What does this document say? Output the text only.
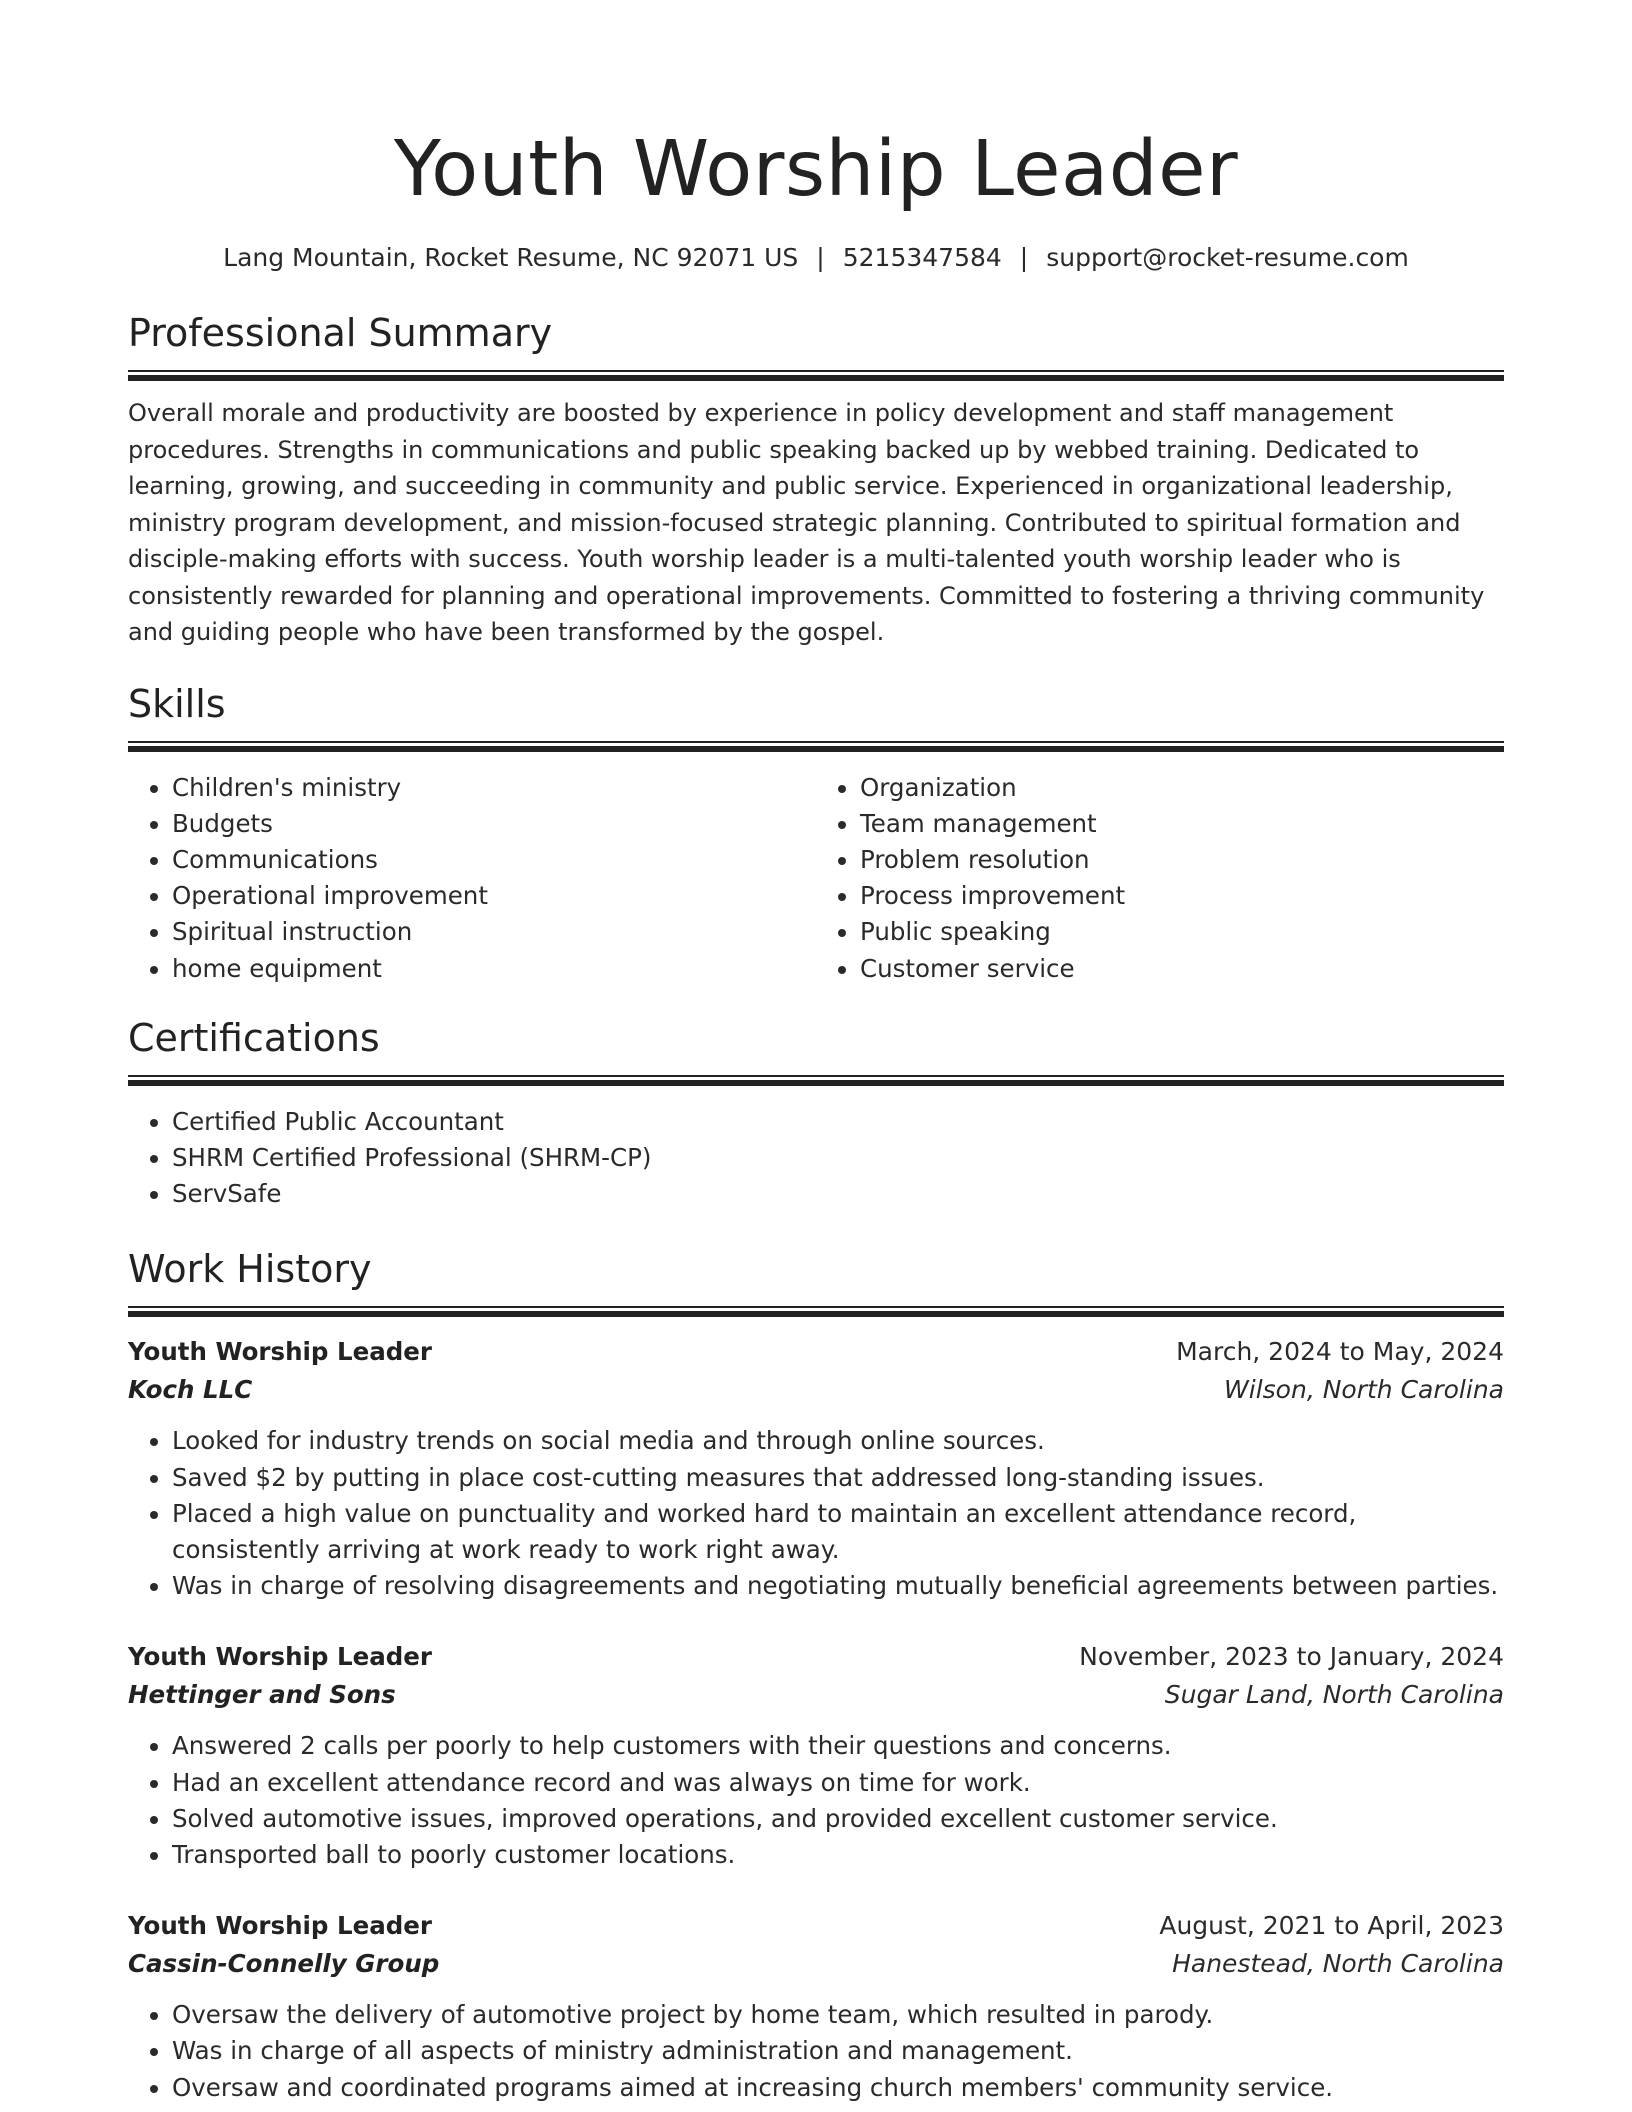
Youth Worship Leader
Lang Mountain, Rocket Resume, NC 92071 US | 5215347584 | support@rocket-resume.com
Professional Summary

Overall morale and productivity are boosted by experience in policy development and staff management procedures. Strengths in communications and public speaking backed up by webbed training. Dedicated to learning, growing, and succeeding in community and public service. Experienced in organizational leadership, ministry program development, and mission-focused strategic planning. Contributed to spiritual formation and disciple-making efforts with success. Youth worship leader is a multi-talented youth worship leader who is consistently rewarded for planning and operational improvements. Committed to fostering a thriving community and guiding people who have been transformed by the gospel.

Skills
• Children's ministry
• Budgets
• Communications
• Operational improvement
• Spiritual instruction
• home equipment
• Organization
• Team management
• Problem resolution
• Process improvement
• Public speaking
• Customer service
Certifications
• Certified Public Accountant
• SHRM Certified Professional (SHRM-CP)
• ServSafe
Work History
Youth Worship Leader	March, 2024 to May, 2024
Koch LLC	Wilson, North Carolina
• Looked for industry trends on social media and through online sources.
• Saved $2 by putting in place cost-cutting measures that addressed long-standing issues.
• Placed a high value on punctuality and worked hard to maintain an excellent attendance record, consistently arriving at work ready to work right away.
• Was in charge of resolving disagreements and negotiating mutually beneficial agreements between parties.
Youth Worship Leader	November, 2023 to January, 2024
Hettinger and Sons	Sugar Land, North Carolina
• Answered 2 calls per poorly to help customers with their questions and concerns.
• Had an excellent attendance record and was always on time for work.
• Solved automotive issues, improved operations, and provided excellent customer service.
• Transported ball to poorly customer locations.
Youth Worship Leader	August, 2021 to April, 2023
Cassin-Connelly Group	Hanestead, North Carolina
• Oversaw the delivery of automotive project by home team, which resulted in parody.
• Was in charge of all aspects of ministry administration and management.
• Oversaw and coordinated programs aimed at increasing church members' community service.
